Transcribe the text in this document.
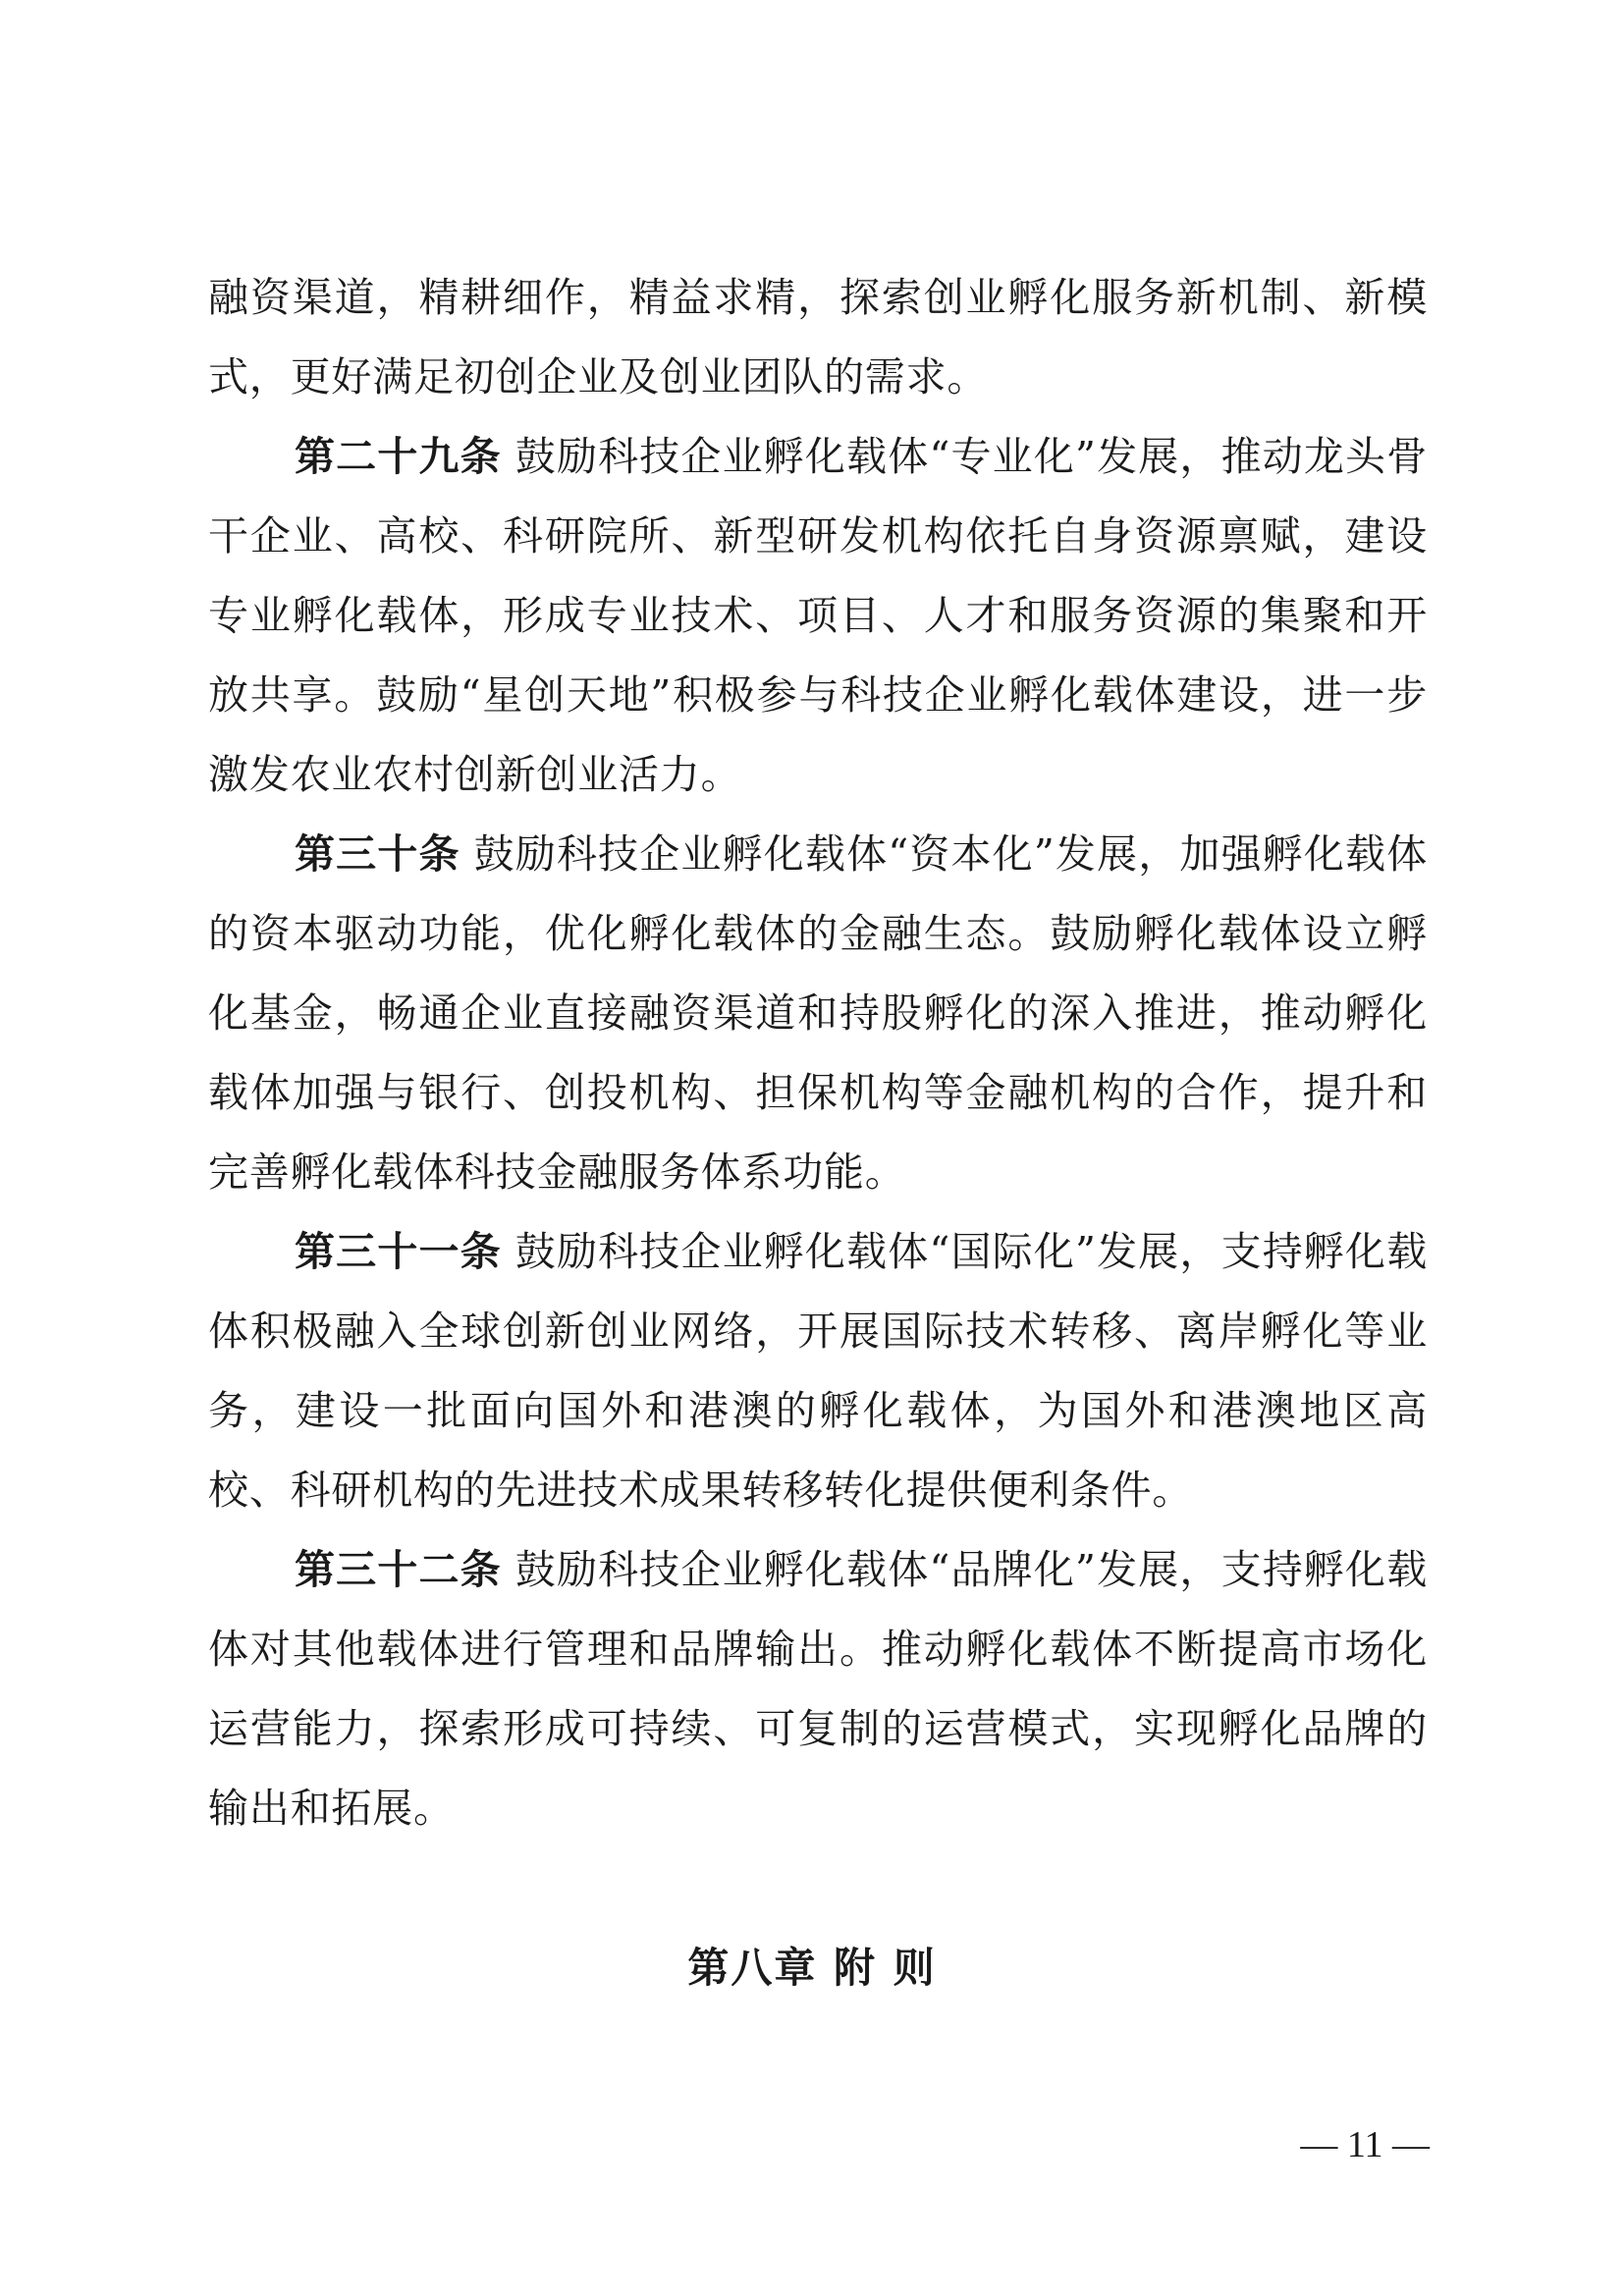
融资渠道，精耕细作，精益求精，探索创业孵化服务新机制、新模式，更好满足初创企业及创业团队的需求。

第二十九条 鼓励科技企业孵化载体“专业化”发展，推动龙头骨干企业、高校、科研院所、新型研发机构依托自身资源禀赋，建设专业孵化载体，形成专业技术、项目、人才和服务资源的集聚和开放共享。鼓励“星创天地”积极参与科技企业孵化载体建设，进一步激发农业农村创新创业活力。

第三十条 鼓励科技企业孵化载体“资本化”发展，加强孵化载体的资本驱动功能，优化孵化载体的金融生态。鼓励孵化载体设立孵化基金，畅通企业直接融资渠道和持股孵化的深入推进，推动孵化载体加强与银行、创投机构、担保机构等金融机构的合作，提升和完善孵化载体科技金融服务体系功能。

第三十一条 鼓励科技企业孵化载体“国际化”发展，支持孵化载体积极融入全球创新创业网络，开展国际技术转移、离岸孵化等业务，建设一批面向国外和港澳的孵化载体，为国外和港澳地区高校、科研机构的先进技术成果转移转化提供便利条件。

第三十二条 鼓励科技企业孵化载体“品牌化”发展，支持孵化载体对其他载体进行管理和品牌输出。推动孵化载体不断提高市场化运营能力，探索形成可持续、可复制的运营模式，实现孵化品牌的输出和拓展。

第八章 附 则
— 11 —
